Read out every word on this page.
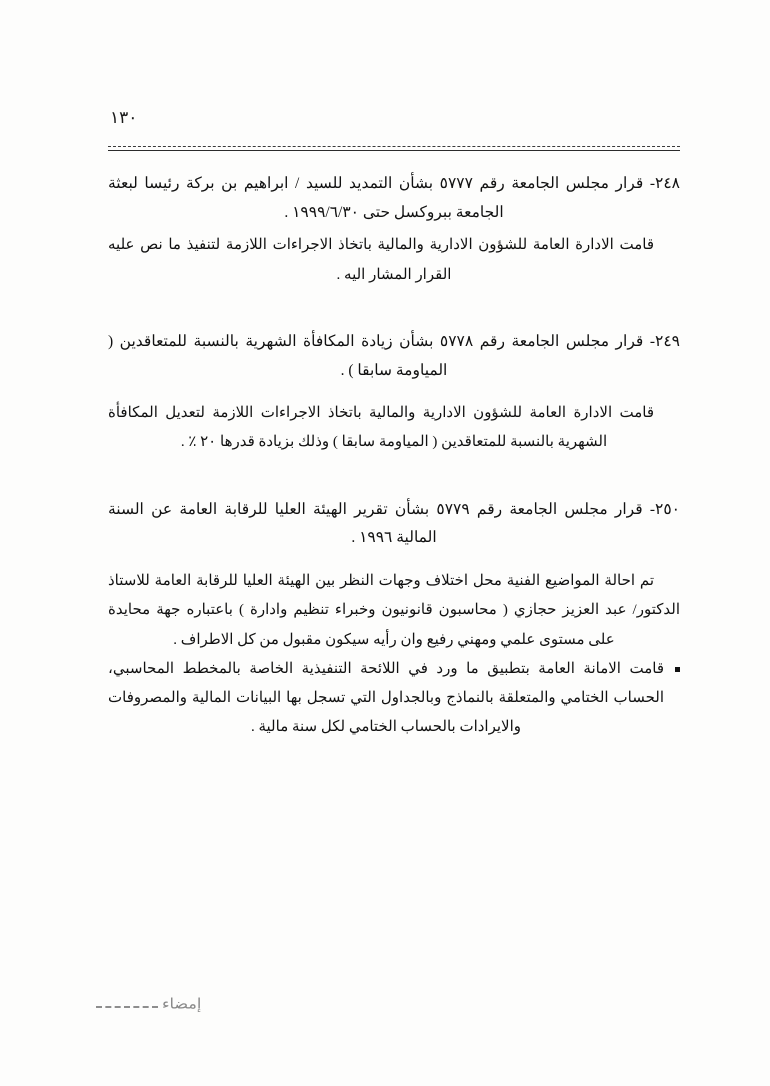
١٣٠
٢٤٨- قرار مجلس الجامعة رقم ٥٧٧٧ بشأن التمديد للسيد / ابراهيم بن بركة رئيسا لبعثة الجامعة ببروكسل حتى ١٩٩٩/٦/٣٠ .
قامت الادارة العامة للشؤون الادارية والمالية باتخاذ الاجراءات اللازمة لتنفيذ ما نص عليه القرار المشار اليه .
٢٤٩- قرار مجلس الجامعة رقم ٥٧٧٨ بشأن زيادة المكافأة الشهرية بالنسبة للمتعاقدين ( المياومة سابقا ) .
قامت الادارة العامة للشؤون الادارية والمالية باتخاذ الاجراءات اللازمة لتعديل المكافأة الشهرية بالنسبة للمتعاقدين ( المياومة سابقا ) وذلك بزيادة قدرها ٢٠ ٪ .
٢٥٠- قرار مجلس الجامعة رقم ٥٧٧٩ بشأن تقرير الهيئة العليا للرقابة العامة عن السنة المالية ١٩٩٦ .
تم احالة المواضيع الفنية محل اختلاف وجهات النظر بين الهيئة العليا للرقابة العامة للاستاذ الدكتور/ عبد العزيز حجازي ( محاسبون قانونيون وخبراء تنظيم وادارة ) باعتباره جهة محايدة على مستوى علمي ومهني رفيع وان رأيه سيكون مقبول من كل الاطراف .
قامت الامانة العامة بتطبيق ما ورد في اللائحة التنفيذية الخاصة بالمخطط المحاسبي، الحساب الختامي والمتعلقة بالنماذج وبالجداول التي تسجل بها البيانات المالية والمصروفات والايرادات بالحساب الختامي لكل سنة مالية .
إمضاء
